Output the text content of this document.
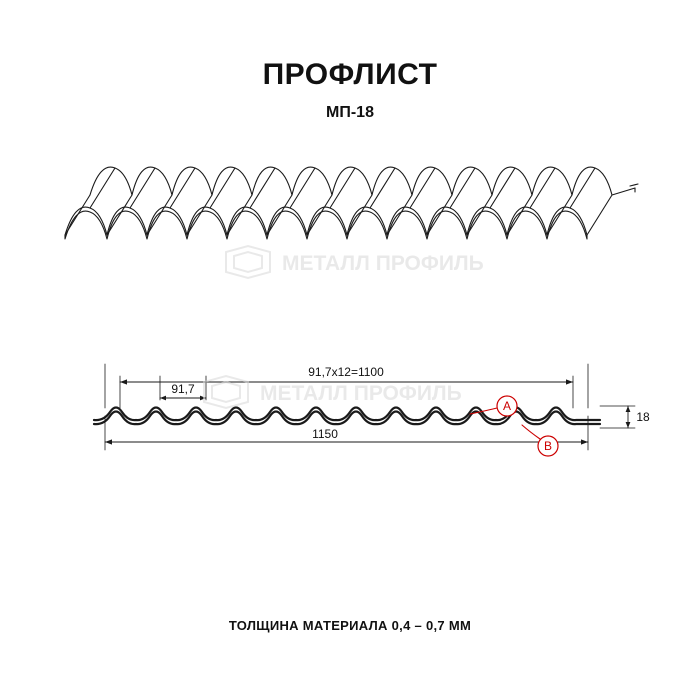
ПРОФЛИСТ
МП-18
МЕТАЛЛ ПРОФИЛЬ
91,7х12=1100
91,7
1150
18
A
B
МЕТАЛЛ ПРОФИЛЬ
ТОЛЩИНА МАТЕРИАЛА 0,4 – 0,7 ММ
